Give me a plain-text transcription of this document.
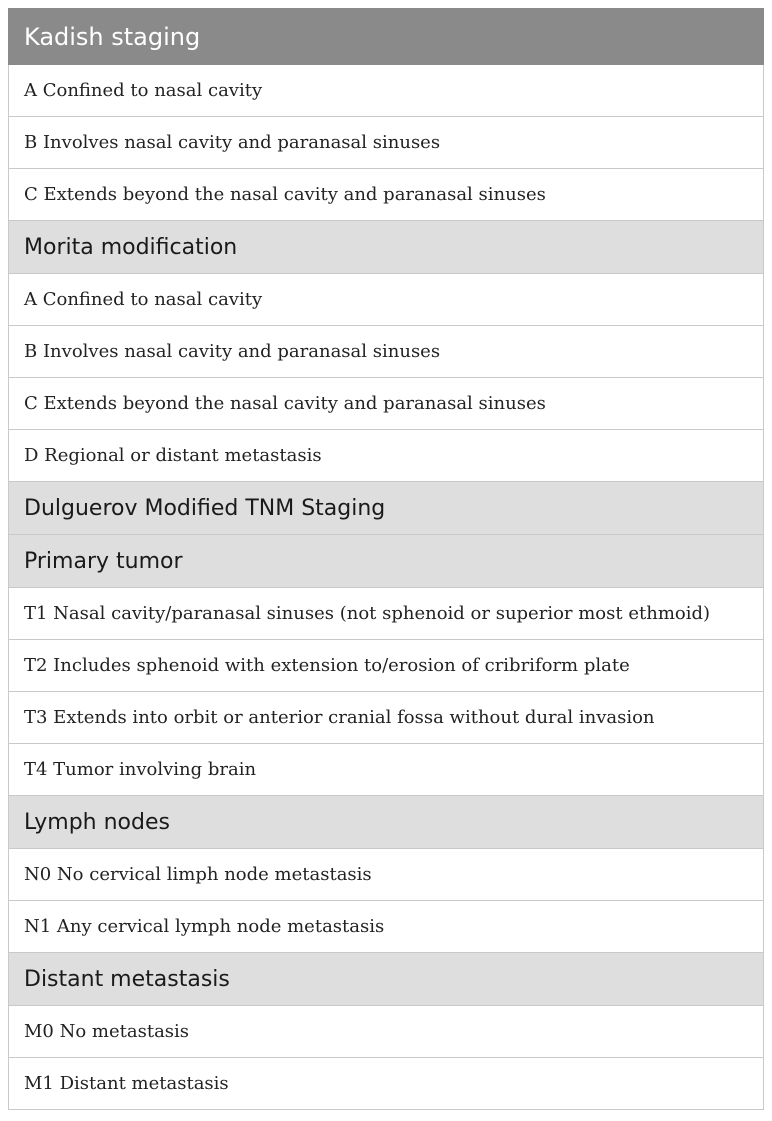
Kadish staging
A Confined to nasal cavity
B Involves nasal cavity and paranasal sinuses
C Extends beyond the nasal cavity and paranasal sinuses
Morita modification
A Confined to nasal cavity
B Involves nasal cavity and paranasal sinuses
C Extends beyond the nasal cavity and paranasal sinuses
D Regional or distant metastasis
Dulguerov Modified TNM Staging
Primary tumor
T1 Nasal cavity/paranasal sinuses (not sphenoid or superior most ethmoid)
T2 Includes sphenoid with extension to/erosion of cribriform plate
T3 Extends into orbit or anterior cranial fossa without dural invasion
T4 Tumor involving brain
Lymph nodes
N0 No cervical limph node metastasis
N1 Any cervical lymph node metastasis
Distant metastasis
M0 No metastasis
M1 Distant metastasis
